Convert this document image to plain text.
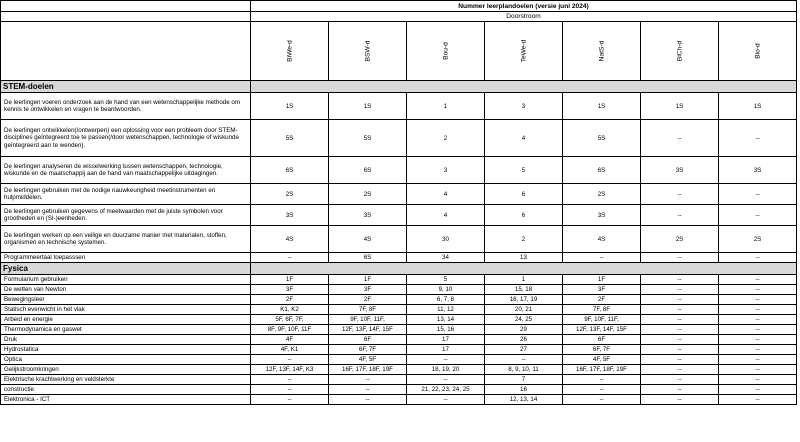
	Nummer leerplandoelen (versie juni 2024)						
	Doorstroom						

	BiWe-d	BSW-d	Bou-d	TeWe-d	NatS-d	BiCh-d	Bio-d

STEM-doelen							
De leerlingen voeren onderzoek aan de hand van een wetenschappelijke methode om kennis te ontwikkelen en vragen te beantwoorden.	1S	1S	1	3	1S	1S	1S
De leerlingen ontwikkelen(/ontwerpen) een oplossing voor een probleem door STEM-disciplines geïntegreerd toe te passen(/door wetenschappen, technologie of wiskunde geïntegreerd aan te wenden).	5S	5S	2	4	5S	--	--
De leerlingen analyseren de wisselwerking tussen wetenschappen, technologie, wiskunde en de maatschappij aan de hand van maatschappelijke uitdagingen.	6S	6S	3	5	6S	3S	3S
De leerlingen gebruiken met de nodige nauwkeurigheid meetinstrumenten en hulpmiddelen.	2S	2S	4	6	2S	--	--
De leerlingen gebruiken gegevens of meetwaarden met de juiste symbolen voor grootheden en (SI-)eenheden.	3S	3S	4	6	3S	--	--
De leerlingen werken op een veilige en duurzame manier met materialen, stoffen, organismen en technische systemen.	4S	4S	30	2	4S	2S	2S
Programmeertaal toepasssen	--	6S	34	13	--	--	--
Fysica							
Formularium gebruiken	1F	1F	5	1	1F	--	--
De wetten van Newton	3F	3F	9, 10	15, 18	3F	--	--
Bewegingsleer	2F	2F	6, 7, 8	16, 17, 19	2F	--	--
Statisch evenwicht in het vlak	K1, K2	7F, 8F	11, 12	20, 21	7F, 8F	--	--
Arbeid en energie	5F, 6F, 7F,	9F, 10F, 11F,	13, 14	24, 25	9F, 10F, 11F,	--	--
Thermodynamica en gaswet	8F, 9F, 10F, 11F	12F, 13F, 14F, 15F	15, 16	29	12F, 13F, 14F, 15F	--	--
Druk	4F	6F	17	26	6F	--	--
Hydrostatica	4F, K1	6F, 7F	17	27	6F, 7F	--	--
Optica	--	4F, 5F	--	--	4F, 5F	--	--
Gelijkstroomkringen	12F, 13F, 14F, K3	16F, 17F, 18F, 19F	18, 19, 20	8, 9, 10, 11	16F, 17F, 18F, 19F	--	--
Elektrische krachtwerking en veldsterkte	--	--	--	7	--	--	--
constructie	--	--	21, 22, 23, 24, 25	16	--	--	--
Elektronica - ICT	--	--	--	12, 13, 14	--	--	--
